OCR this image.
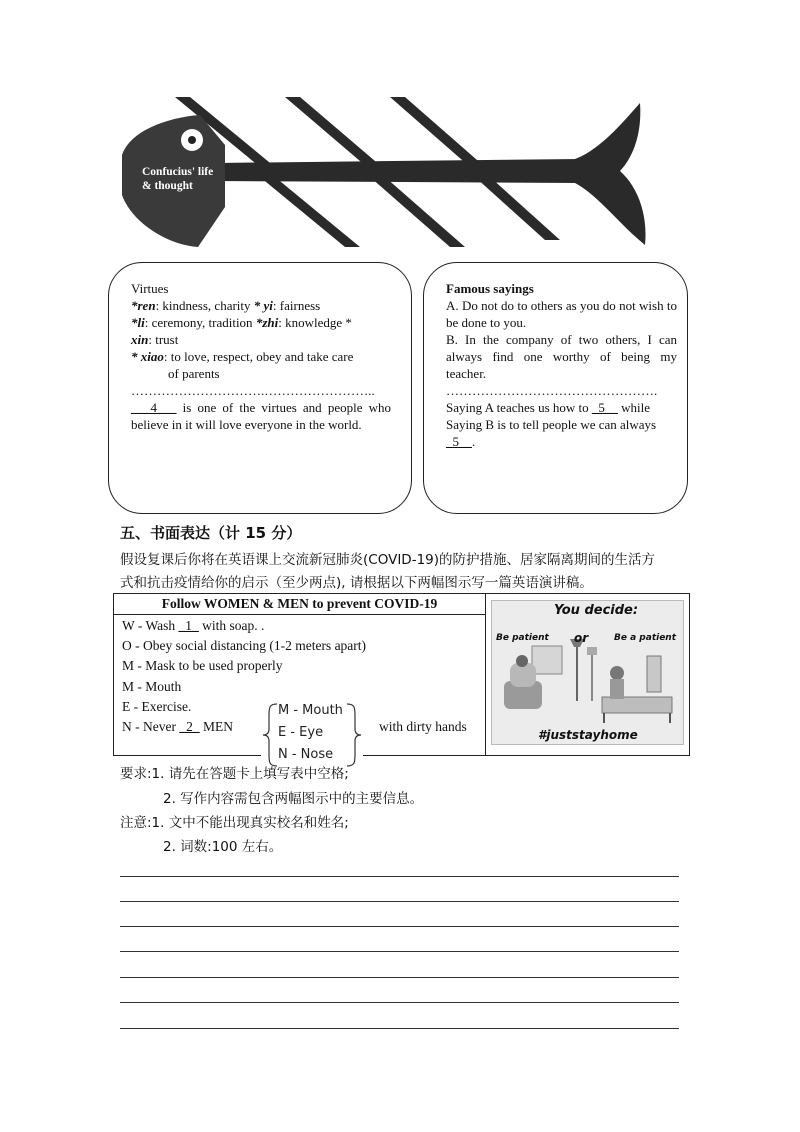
Confucius' life
& thought

Virtues

*ren: kindness, charity * yi: fairness

*li: ceremony, tradition *zhi: knowledge *

xin: trust

* xiao: to love, respect, obey and take care

of parents

………………………….……………………..

___4___ is one of the virtues and people who believe in it will love everyone in the world.

Famous sayings

A. Do not do to others as you do not wish to be done to you.

B. In the company of two others, I can always find one worthy of being my teacher.

………………………………………….

Saying A teaches us how to _5__ while

Saying B is to tell people we can always

_5__.

五、书面表达（计 15 分）
假设复课后你将在英语课上交流新冠肺炎(COVID-19)的防护措施、居家隔离期间的生活方
式和抗击疫情给你的启示（至少两点), 请根据以下两幅图示写一篇英语演讲稿。
Follow WOMEN & MEN to prevent COVID-19
W - Wash _1_ with soap. .
O - Obey social distancing (1-2 meters apart)
M - Mask to be used properly
M - Mouth
E - Exercise.
N - Never _2_ MEN	with dirty hands
M - Mouth
E - Eye
N - Nose
You decide:
Be patient or	Be a patient
#juststayhome
要求:1. 请先在答题卡上填写表中空格;
2. 写作内容需包含两幅图示中的主要信息。
注意:1. 文中不能出现真实校名和姓名;
2. 词数:100 左右。
